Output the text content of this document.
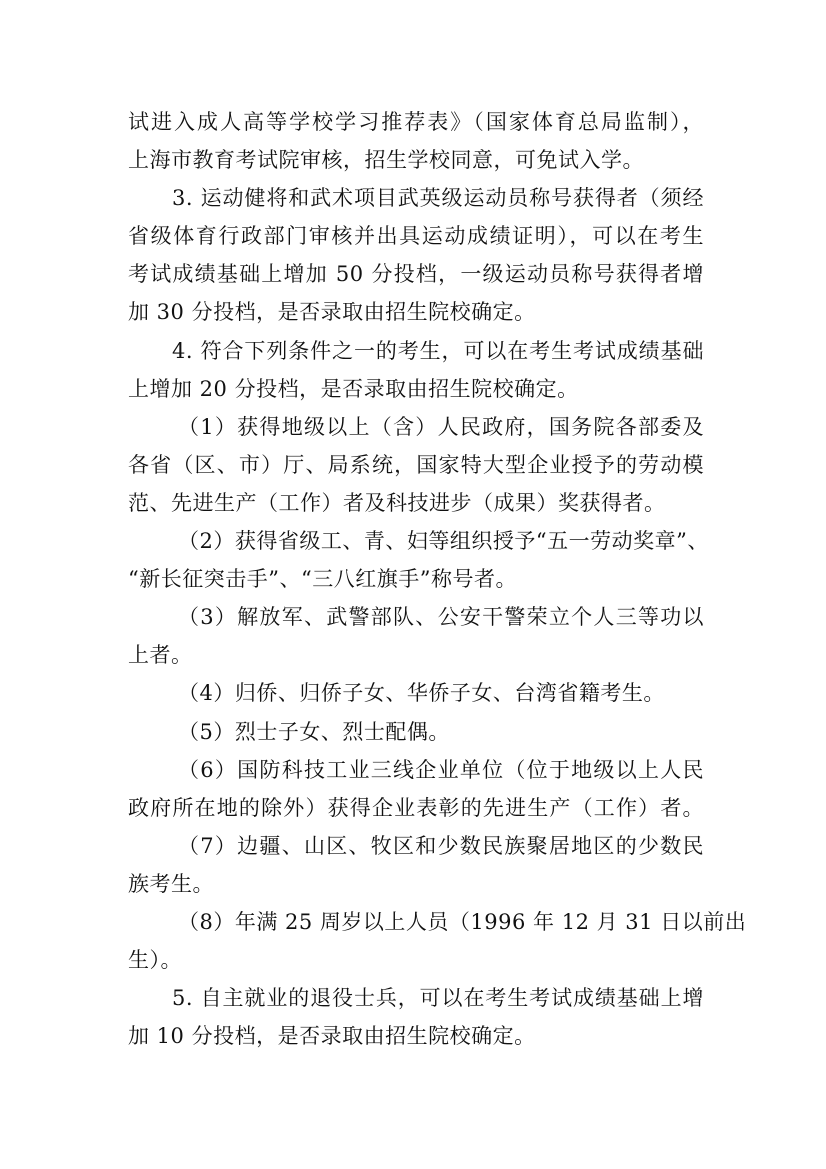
试进入成人高等学校学习推荐表》（国家体育总局监制），
上海市教育考试院审核，招生学校同意，可免试入学。
3. 运动健将和武术项目武英级运动员称号获得者（须经
省级体育行政部门审核并出具运动成绩证明），可以在考生
考试成绩基础上增加 50 分投档，一级运动员称号获得者增
加 30 分投档，是否录取由招生院校确定。
4. 符合下列条件之一的考生，可以在考生考试成绩基础
上增加 20 分投档，是否录取由招生院校确定。
（1）获得地级以上（含）人民政府，国务院各部委及
各省（区、市）厅、局系统，国家特大型企业授予的劳动模
范、先进生产（工作）者及科技进步（成果）奖获得者。
（2）获得省级工、青、妇等组织授予“五一劳动奖章”、
“新长征突击手”、“三八红旗手”称号者。
（3）解放军、武警部队、公安干警荣立个人三等功以
上者。
（4）归侨、归侨子女、华侨子女、台湾省籍考生。
（5）烈士子女、烈士配偶。
（6）国防科技工业三线企业单位（位于地级以上人民
政府所在地的除外）获得企业表彰的先进生产（工作）者。
（7）边疆、山区、牧区和少数民族聚居地区的少数民
族考生。
（8）年满 25 周岁以上人员（1996 年 12 月 31 日以前出
生）。
5. 自主就业的退役士兵，可以在考生考试成绩基础上增
加 10 分投档，是否录取由招生院校确定。
